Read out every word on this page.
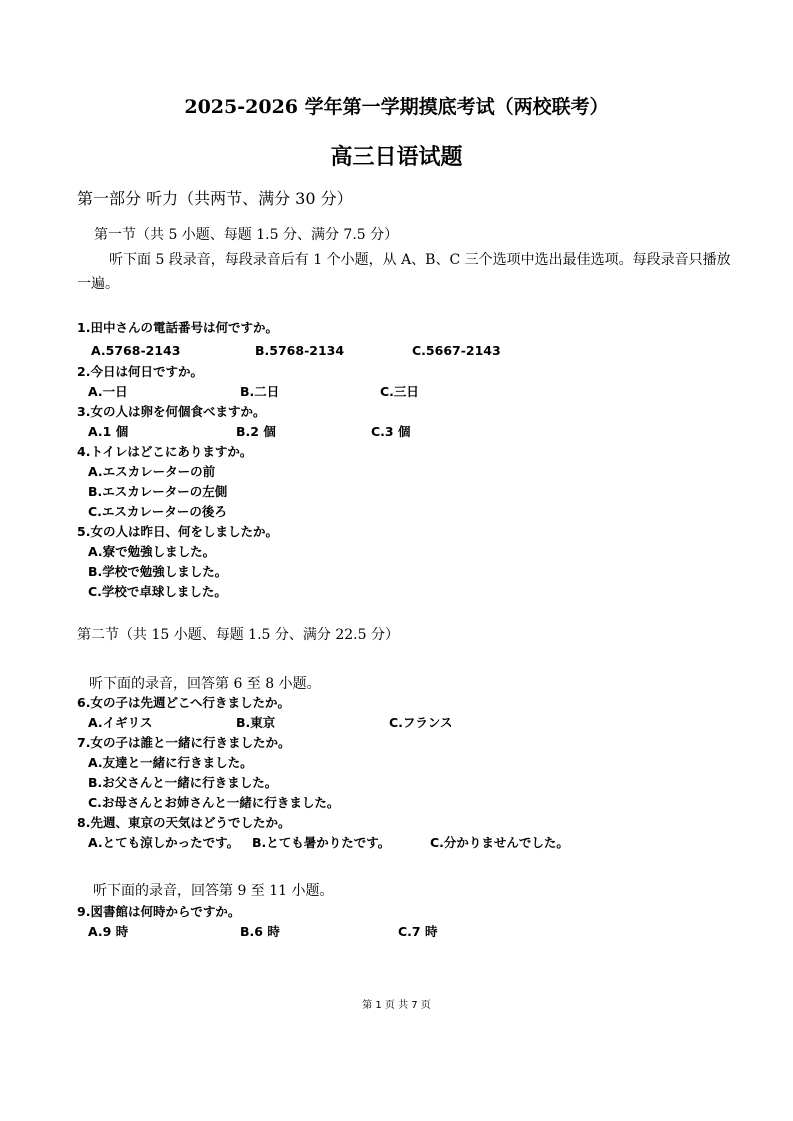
2025-2026 学年第一学期摸底考试（两校联考）
高三日语试题
第一部分 听力（共两节、满分 30 分）
第一节（共 5 小题、每题 1.5 分、满分 7.5 分）
听下面 5 段录音，每段录音后有 1 个小题，从 A、B、C 三个选项中选出最佳选项。每段录音只播放一遍。
1.田中さんの電話番号は何ですか。
A.5768-2143	B.5768-2134	C.5667-2143
2.今日は何日ですか。
A.一日	B.二日	C.三日
3.女の人は卵を何個食べますか。
A.1 個	B.2 個	C.3 個
4.トイレはどこにありますか。
A.エスカレーターの前
B.エスカレーターの左側
C.エスカレーターの後ろ
5.女の人は昨日、何をしましたか。
A.寮で勉強しました。
B.学校で勉強しました。
C.学校で卓球しました。
第二节（共 15 小题、每题 1.5 分、满分 22.5 分）
听下面的录音，回答第 6 至 8 小题。
6.女の子は先週どこへ行きましたか。
A.イギリス	B.東京	C.フランス
7.女の子は誰と一緒に行きましたか。
A.友達と一緒に行きました。
B.お父さんと一緒に行きました。
C.お母さんとお姉さんと一緒に行きました。
8.先週、東京の天気はどうでしたか。
A.とても涼しかったです。 B.とても暑かりたです。	C.分かりませんでした。
听下面的录音，回答第 9 至 11 小题。
9.図書館は何時からですか。
A.9 時	B.6 時	C.7 時
第 1 页 共 7 页
